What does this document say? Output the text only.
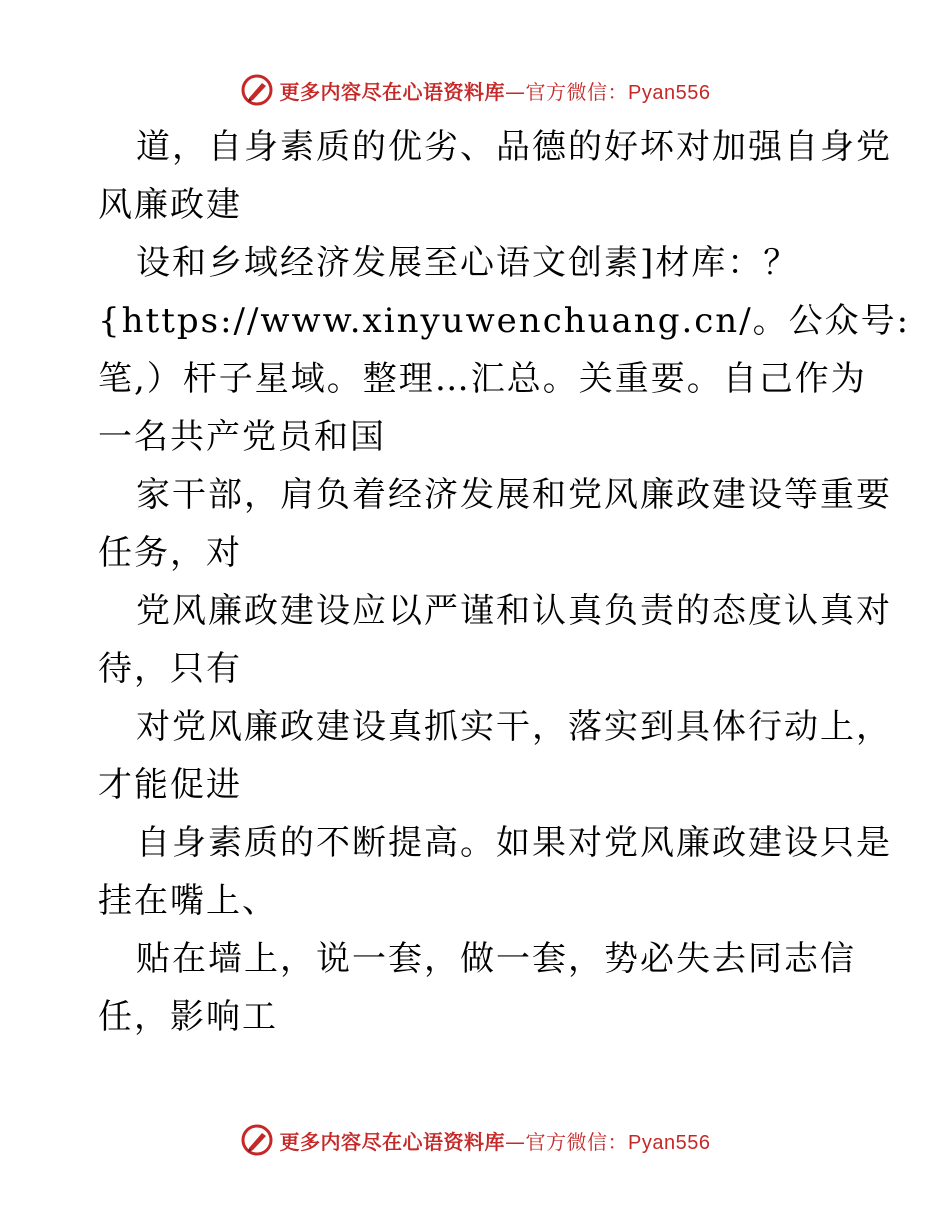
更多内容尽在心语资料库—官方微信：Pyan556
道，自身素质的优劣、品德的好坏对加强自身党
风廉政建
设和乡域经济发展至心语文创素]材库：？
{https://www.xinyuwenchuang.cn/。公众号:
笔,）杆子星域。整理…汇总。关重要。自己作为
一名共产党员和国
家干部，肩负着经济发展和党风廉政建设等重要
任务，对
党风廉政建设应以严谨和认真负责的态度认真对
待，只有
对党风廉政建设真抓实干，落实到具体行动上，
才能促进
自身素质的不断提高。如果对党风廉政建设只是
挂在嘴上、
贴在墙上，说一套，做一套，势必失去同志信
任，影响工
更多内容尽在心语资料库—官方微信：Pyan556
